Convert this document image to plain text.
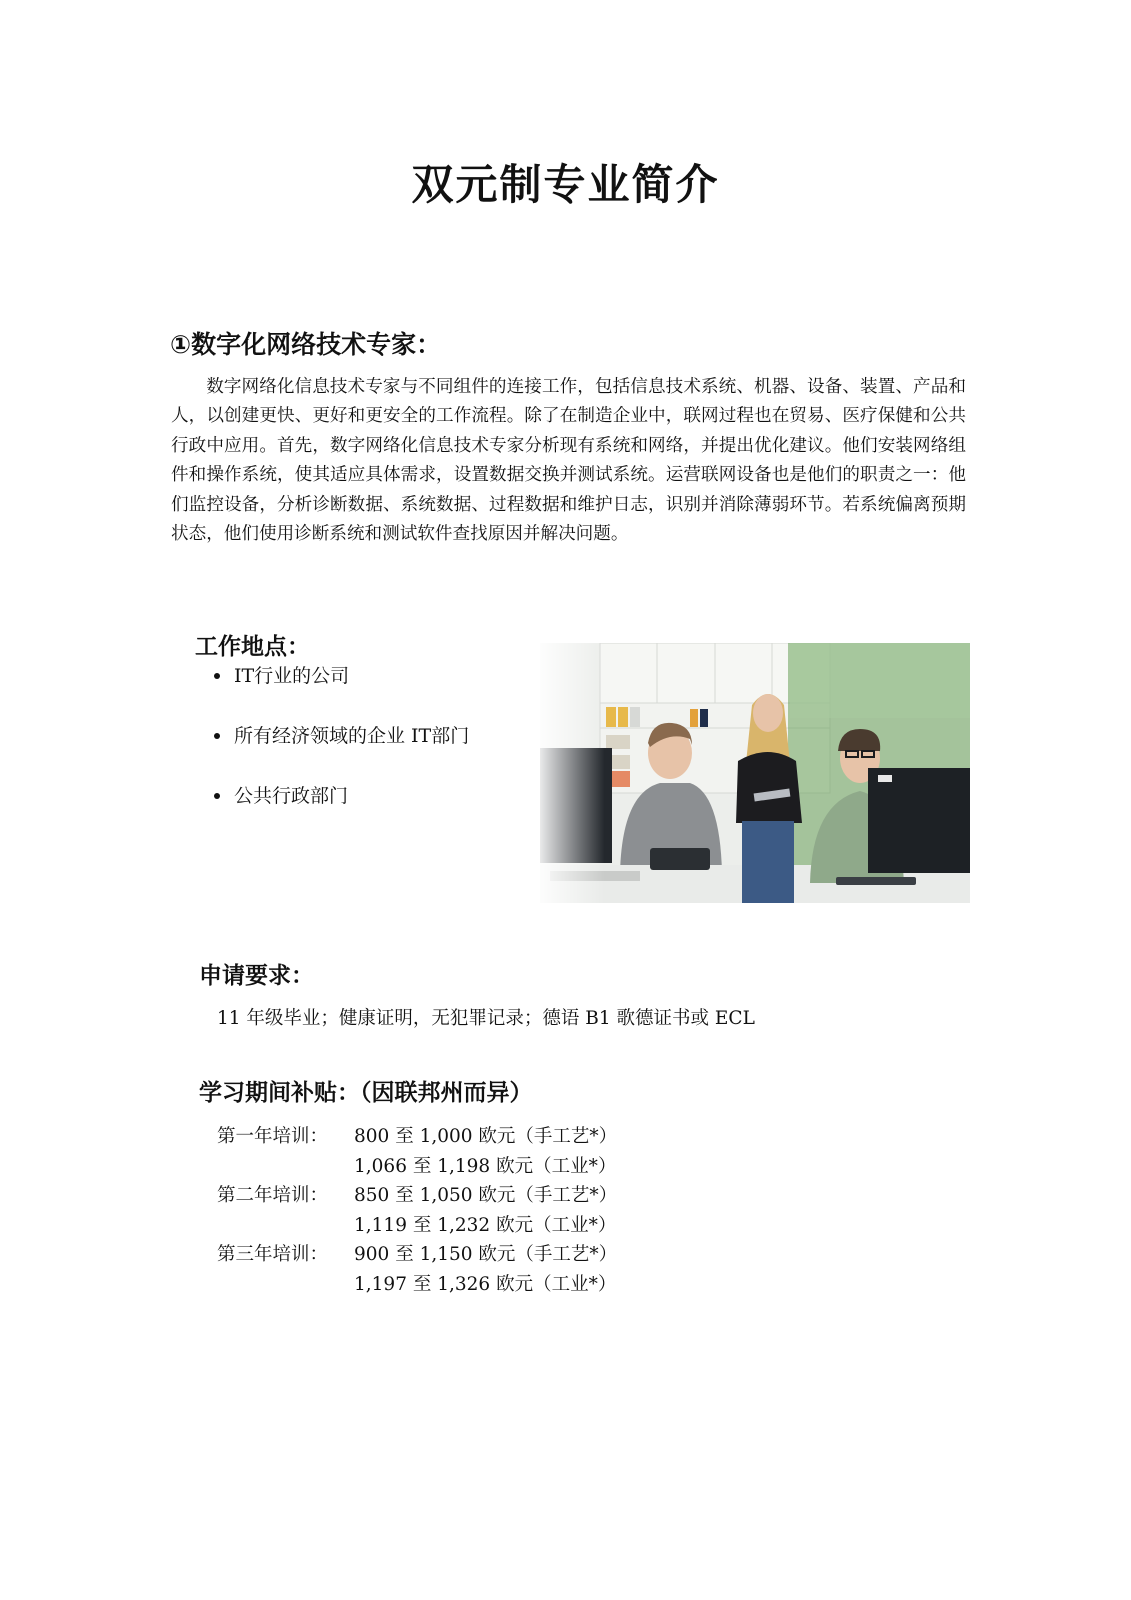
双元制专业简介
①数字化网络技术专家：

数字网络化信息技术专家与不同组件的连接工作，包括信息技术系统、机器、设备、装置、产品和人，以创建更快、更好和更安全的工作流程。除了在制造企业中，联网过程也在贸易、医疗保健和公共行政中应用。首先，数字网络化信息技术专家分析现有系统和网络，并提出优化建议。他们安装网络组件和操作系统，使其适应具体需求，设置数据交换并测试系统。运营联网设备也是他们的职责之一：他们监控设备，分析诊断数据、系统数据、过程数据和维护日志，识别并消除薄弱环节。若系统偏离预期状态，他们使用诊断系统和测试软件查找原因并解决问题。

工作地点：
IT行业的公司
所有经济领域的企业 IT部门
公共行政部门
申请要求：

11 年级毕业；健康证明，无犯罪记录；德语 B1 歌德证书或 ECL

学习期间补贴：（因联邦州而异）
第一年培训：	800 至 1,000 欧元（手工艺*）
	1,066 至 1,198 欧元（工业*）
第二年培训：	850 至 1,050 欧元（手工艺*）
	1,119 至 1,232 欧元（工业*）
第三年培训：	900 至 1,150 欧元（手工艺*）
	1,197 至 1,326 欧元（工业*）
